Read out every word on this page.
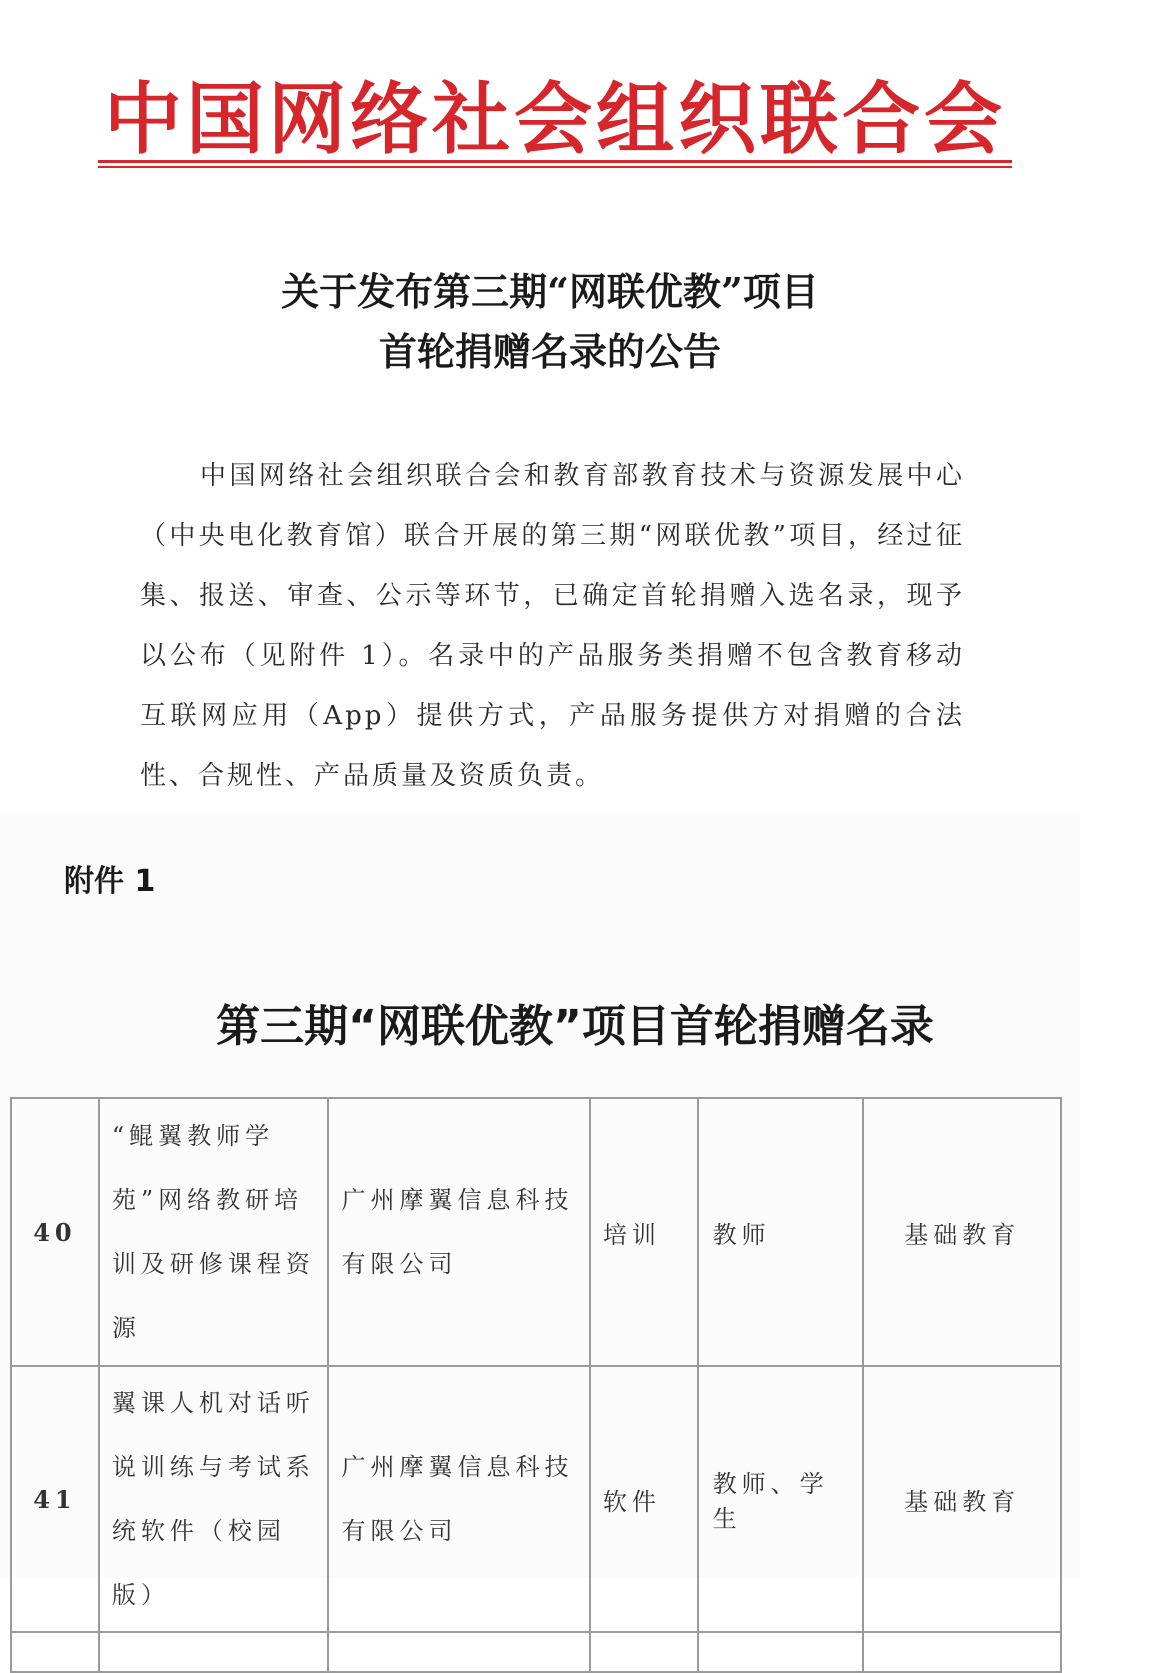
中国网络社会组织联合会
关于发布第三期“网联优教”项目
首轮捐赠名录的公告
中国网络社会组织联合会和教育部教育技术与资源发展中心（中央电化教育馆）联合开展的第三期“网联优教”项目，经过征集、报送、审查、公示等环节，已确定首轮捐赠入选名录，现予以公布（见附件 1）。名录中的产品服务类捐赠不包含教育移动互联网应用（App）提供方式，产品服务提供方对捐赠的合法性、合规性、产品质量及资质负责。
附件 1
第三期“网联优教”项目首轮捐赠名录
40	“鲲翼教师学苑”网络教研培训及研修课程资源	广州摩翼信息科技有限公司	培训	教师	基础教育
41	翼课人机对话听说训练与考试系统软件（校园版）	广州摩翼信息科技有限公司	软件	教师、学生	基础教育
